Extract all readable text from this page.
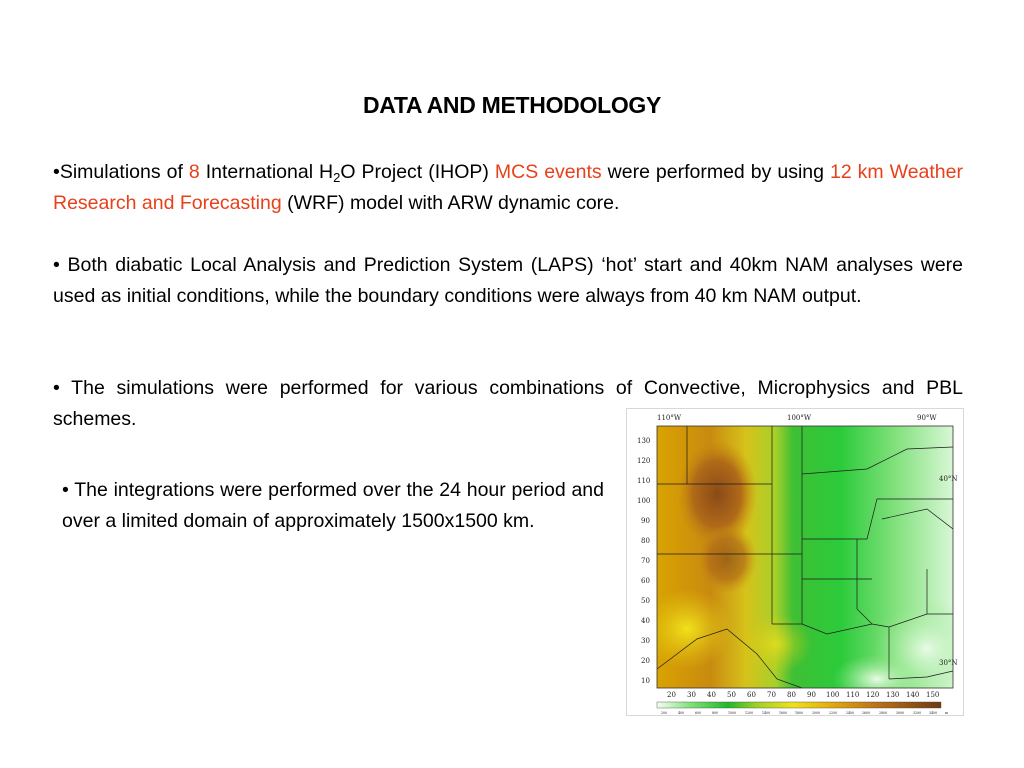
DATA AND METHODOLOGY
•Simulations of 8 International $H_2O$ Project (IHOP) MCS events were performed by using 12 km Weather Research and Forecasting (WRF) model with ARW dynamic core.
• Both diabatic Local Analysis and Prediction System (LAPS) ‘hot’ start and 40km NAM analyses were used as initial conditions, while the boundary conditions were always from 40 km NAM output.
• The simulations were performed for various combinations of Convective, Microphysics and PBL schemes.
• The integrations were performed over the 24 hour period and over a limited domain of approximately 1500x1500 km.
110°W	100°W	90°W
130
120
110
100
90
80
70
60
50
40
30
20
10
40°N
30°N
20 30 40 50 60 70 80 90 100 110 120 130 140 150
200	400	600	800	1000	1200	1400	1600 1800	2000	2200	2400 2600	2800	3000	3200 3400 m
